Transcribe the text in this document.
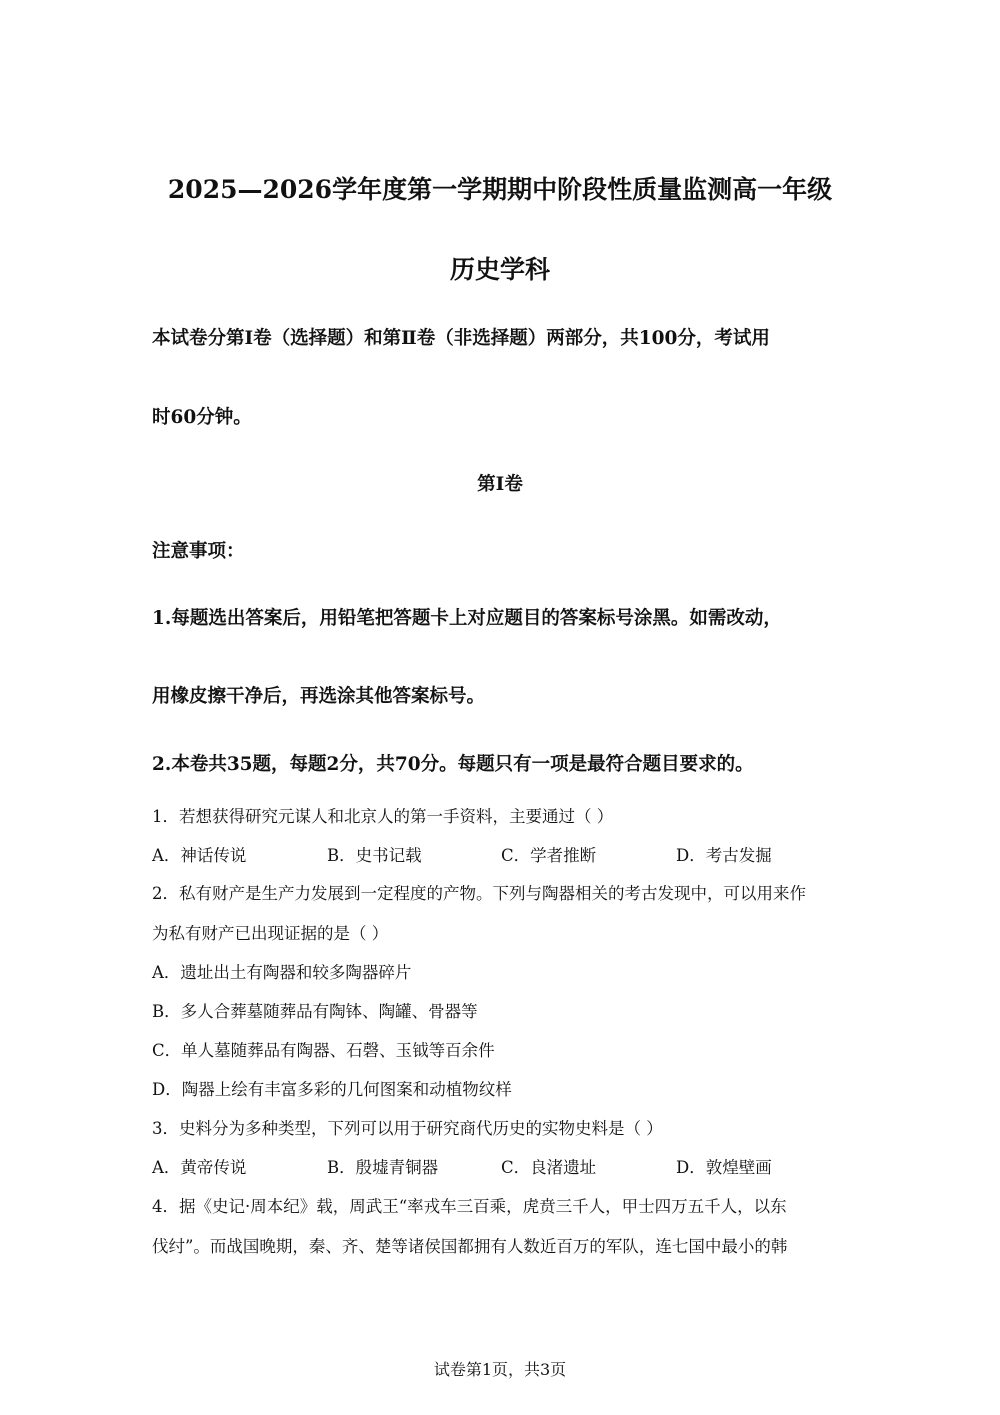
2025—2026学年度第一学期期中阶段性质量监测高一年级
历史学科
本试卷分第Ⅰ卷（选择题）和第Ⅱ卷（非选择题）两部分，共100分，考试用
时60分钟。
第Ⅰ卷
注意事项：
1.每题选出答案后，用铅笔把答题卡上对应题目的答案标号涂黑。如需改动，
用橡皮擦干净后，再选涂其他答案标号。
2.本卷共35题，每题2分，共70分。每题只有一项是最符合题目要求的。
1．若想获得研究元谋人和北京人的第一手资料，主要通过（ ）
A．神话传说	B．史书记载	C．学者推断	D．考古发掘
2．私有财产是生产力发展到一定程度的产物。下列与陶器相关的考古发现中，可以用来作
为私有财产已出现证据的是（ ）
A．遗址出土有陶器和较多陶器碎片
B．多人合葬墓随葬品有陶钵、陶罐、骨器等
C．单人墓随葬品有陶器、石磬、玉钺等百余件
D．陶器上绘有丰富多彩的几何图案和动植物纹样
3．史料分为多种类型，下列可以用于研究商代历史的实物史料是（ ）
A．黄帝传说	B．殷墟青铜器	C．良渚遗址	D．敦煌壁画
4．据《史记·周本纪》载，周武王“率戎车三百乘，虎贲三千人，甲士四万五千人，以东
伐纣”。而战国晚期，秦、齐、楚等诸侯国都拥有人数近百万的军队，连七国中最小的韩
试卷第1页，共3页
